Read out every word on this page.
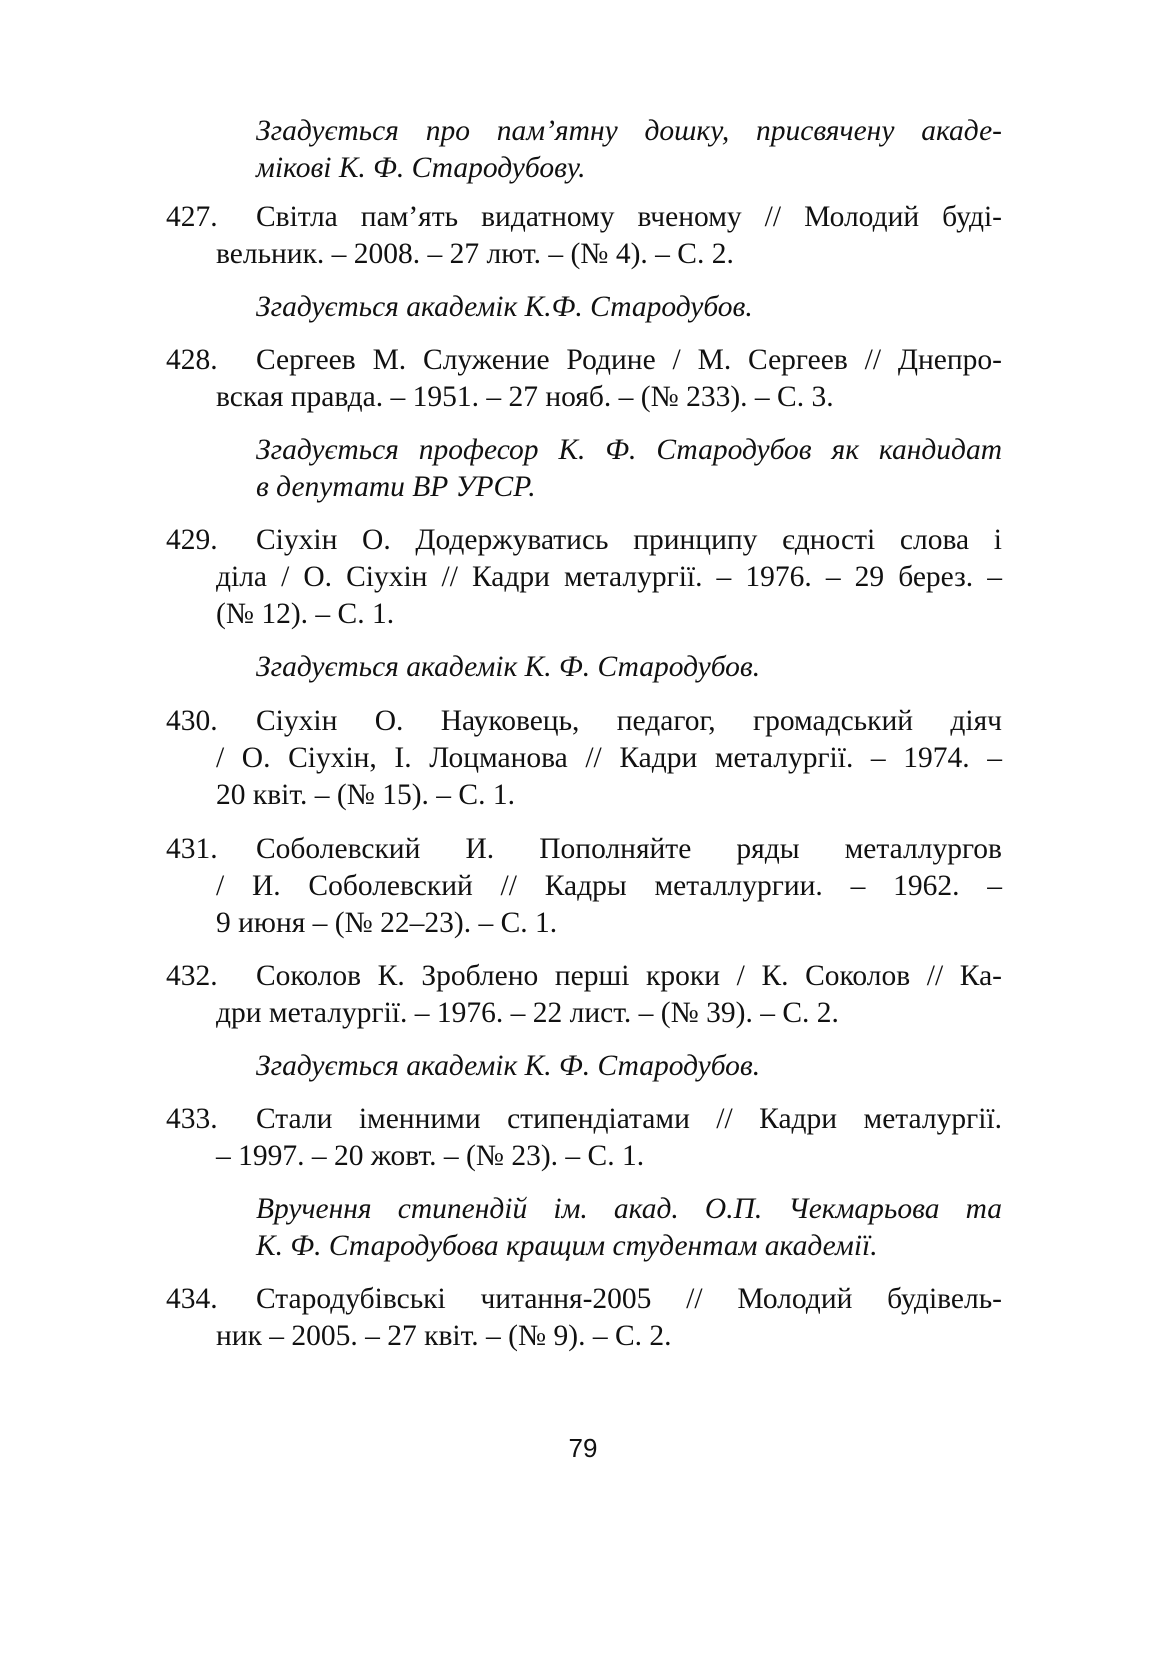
Згадується про пам’ятну дошку, присвячену акаде-
мікові К. Ф. Стародубову.
427. Світла пам’ять видатному вченому // Молодий буді-
вельник. – 2008. – 27 лют. – (№ 4). – С. 2.
Згадується академік К.Ф. Стародубов.
428. Сергеев М. Служение Родине / М. Сергеев // Днепро-
вская правда. – 1951. – 27 нояб. – (№ 233). – С. 3.
Згадується професор К. Ф. Стародубов як кандидат
в депутати ВР УРСР.
429. Сіухін О. Додержуватись принципу єдності слова і
діла / О. Сіухін // Кадри металургії. – 1976. – 29 берез. –
(№ 12). – С. 1.
Згадується академік К. Ф. Стародубов.
430. Сіухін О. Науковець, педагог, громадський діяч
/ О. Сіухін, І. Лоцманова // Кадри металургії. – 1974. –
20 квіт. – (№ 15). – С. 1.
431. Соболевский И. Пополняйте ряды металлургов
/ И. Соболевский // Кадры металлургии. – 1962. –
9 июня – (№ 22–23). – С. 1.
432. Соколов К. Зроблено перші кроки / К. Соколов // Ка-
дри металургії. – 1976. – 22 лист. – (№ 39). – С. 2.
Згадується академік К. Ф. Стародубов.
433. Стали іменними стипендіатами // Кадри металургії.
– 1997. – 20 жовт. – (№ 23). – С. 1.
Вручення стипендій ім. акад. О.П. Чекмарьова та
К. Ф. Стародубова кращим студентам академії.
434. Стародубівські читання-2005 // Молодий будівель-
ник – 2005. – 27 квіт. – (№ 9). – С. 2.
79
